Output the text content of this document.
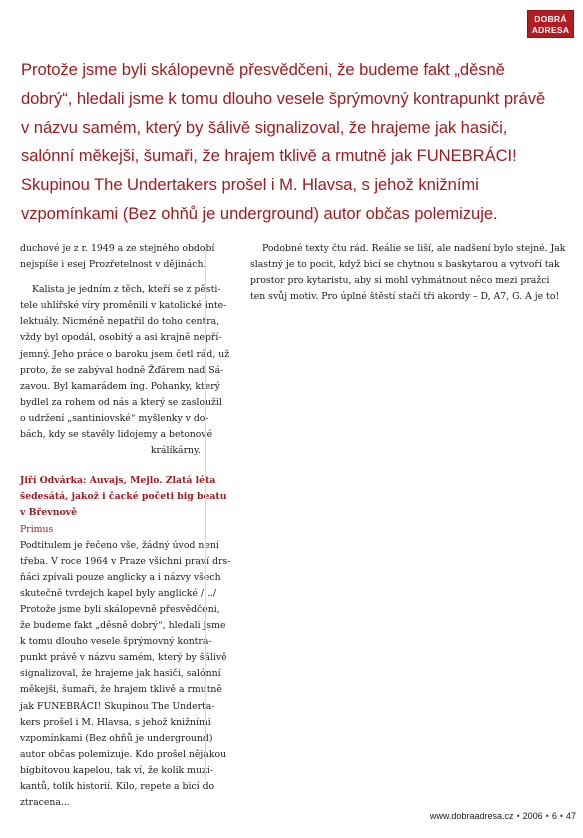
DOBRÁ
ADRESA
Protože jsme byli skálopevně přesvědčeni, že budeme fakt „děsně
dobrý“, hledali jsme k tomu dlouho vesele šprýmovný kontrapunkt právě
v názvu samém, který by šálivě signalizoval, že hrajeme jak hasiči,
salónní měkejši, šumaři, že hrajem tklivě a rmutně jak FUNEBRÁCI!
Skupinou The Undertakers prošel i M. Hlavsa, s jehož knižními
vzpomínkami (Bez ohňů je underground) autor občas polemizuje.
duchové je z r. 1949 a ze stejného období
nejspíše i esej Prozřetelnost v dějinách.
Kalista je jedním z těch, kteří se z pěsti-
tele uhlířské víry proměnili v katolické inte-
lektuály. Nicméně nepatřil do toho centra,
vždy byl opodál, osobitý a asi krajně nepří-
jemný. Jeho práce o baroku jsem četl rád, už
proto, že se zabýval hodně Žďárem nad Sá-
zavou. Byl kamarádem ing. Pohanky, který
bydlel za rohem od nás a který se zasloužil
o udržení „santiniovské“ myšlenky v do-
bách, kdy se stavěly lidojemy a betonové
králíkárny.
Jiří Odvárka: Auvajs, Mejlo. Zlatá léta
šedesátá, jakož i čacké početi big beatu
v Břevnově
Primus
Podtitulem je řečeno vše, žádný úvod není
třeba. V roce 1964 v Praze všichni praví drs-
ňáci zpívali pouze anglicky a i názvy všech
skutečně tvrdejch kapel byly anglické /.../
Protože jsme byli skálopevně přesvědčeni,
že budeme fakt „děsně dobrý“, hledali jsme
k tomu dlouho vesele šprýmovný kontra-
punkt právě v názvu samém, který by šálivě
signalizoval, že hrajeme jak hasiči, salónní
měkejši, šumaři, že hrajem tklivě a rmutně
jak FUNEBRÁCI! Skupinou The Underta-
kers prošel i M. Hlavsa, s jehož knižními
vzpomínkami (Bez ohňů je underground)
autor občas polemizuje. Kdo prošel nějakou
bigbítovou kapelou, tak ví, že kolik muzi-
kantů, tolik historií. Kilo, repete a bicí do
ztracena...
Podobné texty čtu rád. Reálie se liší, ale nadšení bylo stejné. Jak
slastný je to pocit, když bicí se chytnou s baskytarou a vytvoří tak
prostor pro kytaristu, aby si mohl vyhmátnout něco mezi pražci
ten svůj motiv. Pro úplné štěstí stačí tři akordy – D, A7, G. A je to!
www.dobraadresa.cz • 2006 • 6 • 47
